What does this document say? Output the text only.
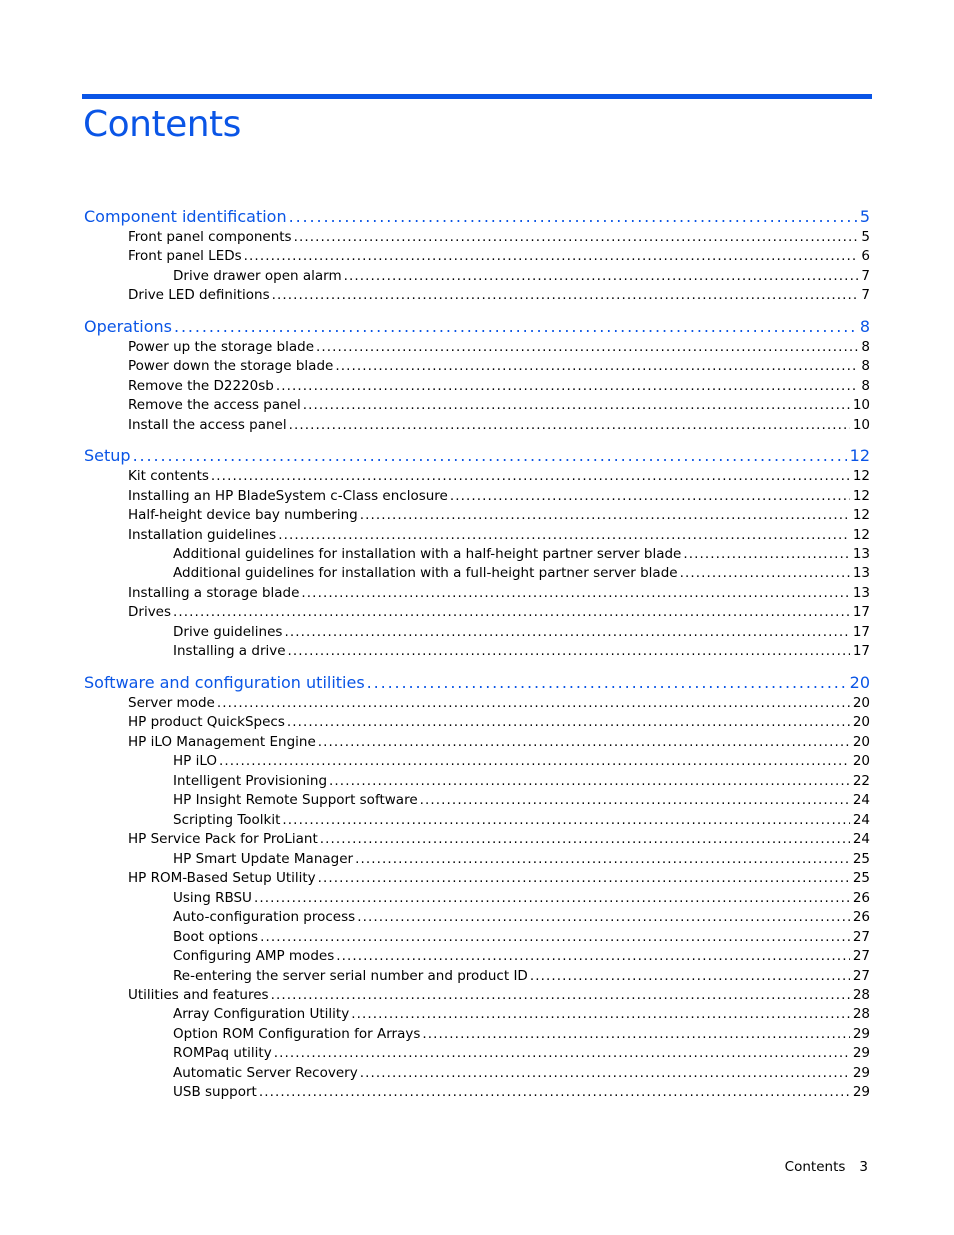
Contents
Component identification . . .	5
Front panel components . . .	5
Front panel LEDs . . .	6
Drive drawer open alarm . . .	7
Drive LED definitions . . .	7
Operations . . .	8
Power up the storage blade . . .	8
Power down the storage blade . . .	8
Remove the D2220sb . . .	8
Remove the access panel . . .	10
Install the access panel . . .	10
Setup . . .	12
Kit contents . . .	12
Installing an HP BladeSystem c-Class enclosure . . .	12
Half-height device bay numbering . . .	12
Installation guidelines . . .	12
Additional guidelines for installation with a half-height partner server blade . . .	13
Additional guidelines for installation with a full-height partner server blade . . .	13
Installing a storage blade . . .	13
Drives . . .	17
Drive guidelines . . .	17
Installing a drive . . .	17
Software and configuration utilities . . .	20
Server mode . . .	20
HP product QuickSpecs . . .	20
HP iLO Management Engine . . .	20
HP iLO . . .	20
Intelligent Provisioning . . .	22
HP Insight Remote Support software . . .	24
Scripting Toolkit . . .	24
HP Service Pack for ProLiant . . .	24
HP Smart Update Manager . . .	25
HP ROM-Based Setup Utility . . .	25
Using RBSU . . .	26
Auto-configuration process . . .	26
Boot options . . .	27
Configuring AMP modes . . .	27
Re-entering the server serial number and product ID . . .	27
Utilities and features . . .	28
Array Configuration Utility . . .	28
Option ROM Configuration for Arrays . . .	29
ROMPaq utility . . .	29
Automatic Server Recovery . . .	29
USB support . . .	29
Contents 3
